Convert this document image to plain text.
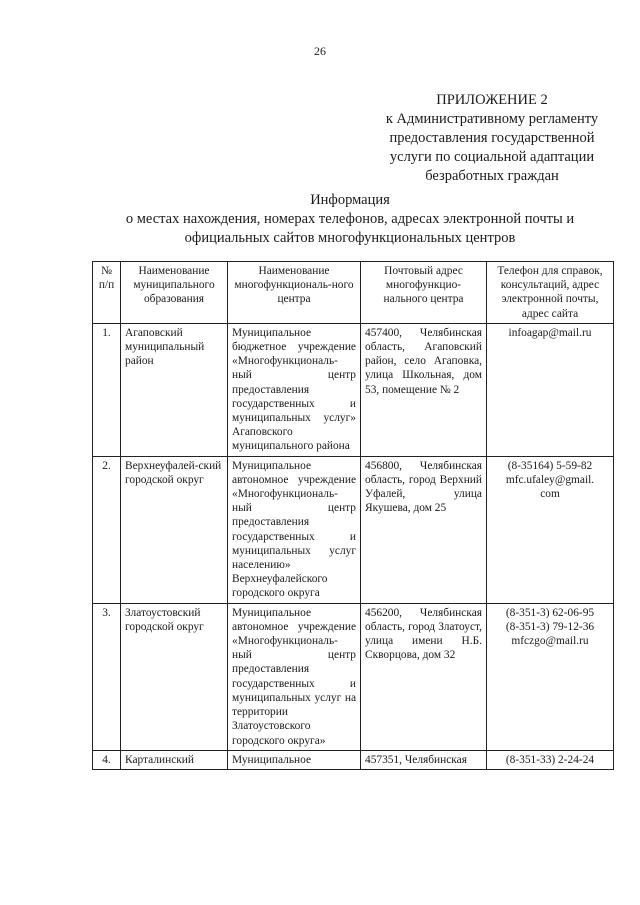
26
ПРИЛОЖЕНИЕ 2
к Административному регламенту
предоставления государственной
услуги по социальной адаптации
безработных граждан
Информация
о местах нахождения, номерах телефонов, адресах электронной почты и
официальных сайтов многофункциональных центров
№ п/п	Наименование муниципального образования	Наименование многофункциональ-ного центра	Почтовый адрес многофункцио-нального центра	Телефон для справок, консультаций, адрес электронной почты, адрес сайта
1.	Агаповский муниципальный район	Муниципальное бюджетное учреждение «Многофункциональ-ный центр предоставления государственных и муниципальных услуг» Агаповского муниципального района	457400, Челябинская область, Агаповский район, село Агаповка, улица Школьная, дом 53, помещение № 2	infoagap@mail.ru
2.	Верхнеуфалей-ский городской округ	Муниципальное автономное учреждение «Многофункциональ-ный центр предоставления государственных и муниципальных услуг населению» Верхнеуфалейского городского округа	456800, Челябинская область, город Верхний Уфалей, улица Якушева, дом 25	(8-35164) 5-59-82
mfc.ufaley@gmail.
com
3.	Златоустовский городской округ	Муниципальное автономное учреждение «Многофункциональ-ный центр предоставления государственных и муниципальных услуг на территории Златоустовского городского округа»	456200, Челябинская область, город Златоуст, улица имени Н.Б. Скворцова, дом 32	(8-351-3) 62-06-95
(8-351-3) 79-12-36
mfczgo@mail.ru
4.	Карталинский	Муниципальное	457351, Челябинская	(8-351-33) 2-24-24
